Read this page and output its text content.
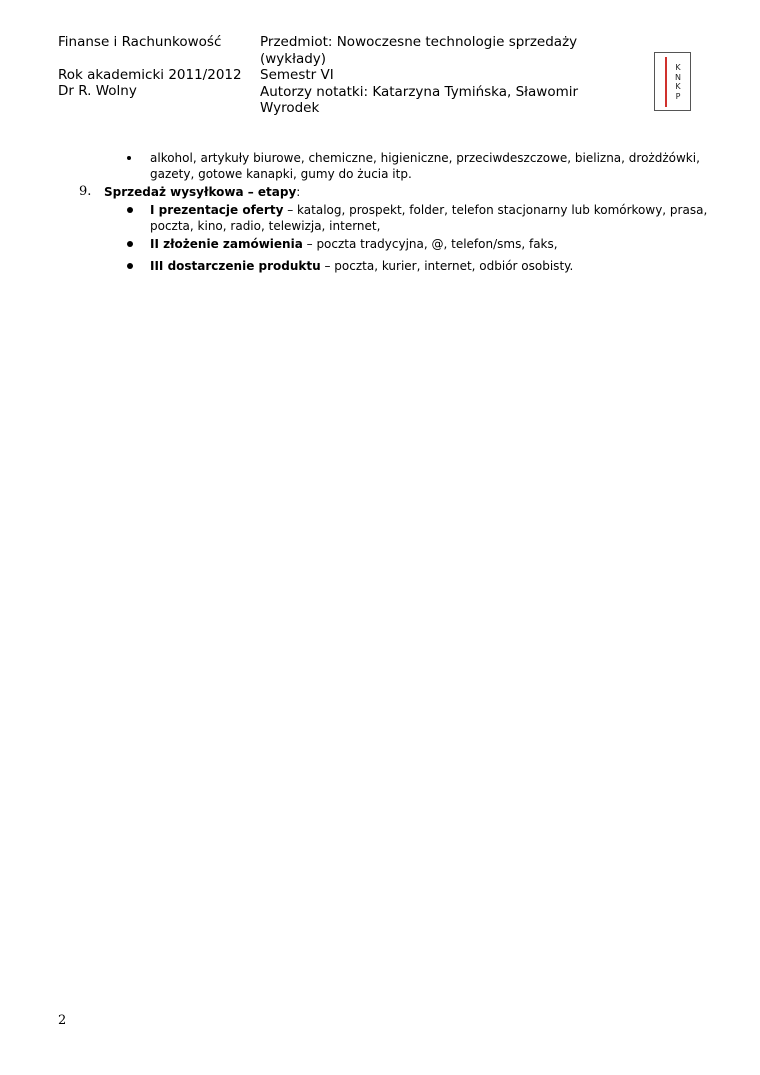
Finanse i Rachunkowość

Rok akademicki 2011/2012

Dr R. Wolny

Przedmiot: Nowoczesne technologie sprzedaży (wykłady)

Semestr VI

Autorzy notatki: Katarzyna Tymińska, Sławomir Wyrodek

K
N
K
P
alkohol, artykuły biurowe, chemiczne, higieniczne, przeciwdeszczowe, bielizna, drożdżówki, gazety, gotowe kanapki, gumy do żucia itp.
9. Sprzedaż wysyłkowa – etapy:
I prezentacje oferty – katalog, prospekt, folder, telefon stacjonarny lub komórkowy, prasa, poczta, kino, radio, telewizja, internet,
II złożenie zamówienia – poczta tradycyjna, @, telefon/sms, faks,
III dostarczenie produktu – poczta, kurier, internet, odbiór osobisty.
2
